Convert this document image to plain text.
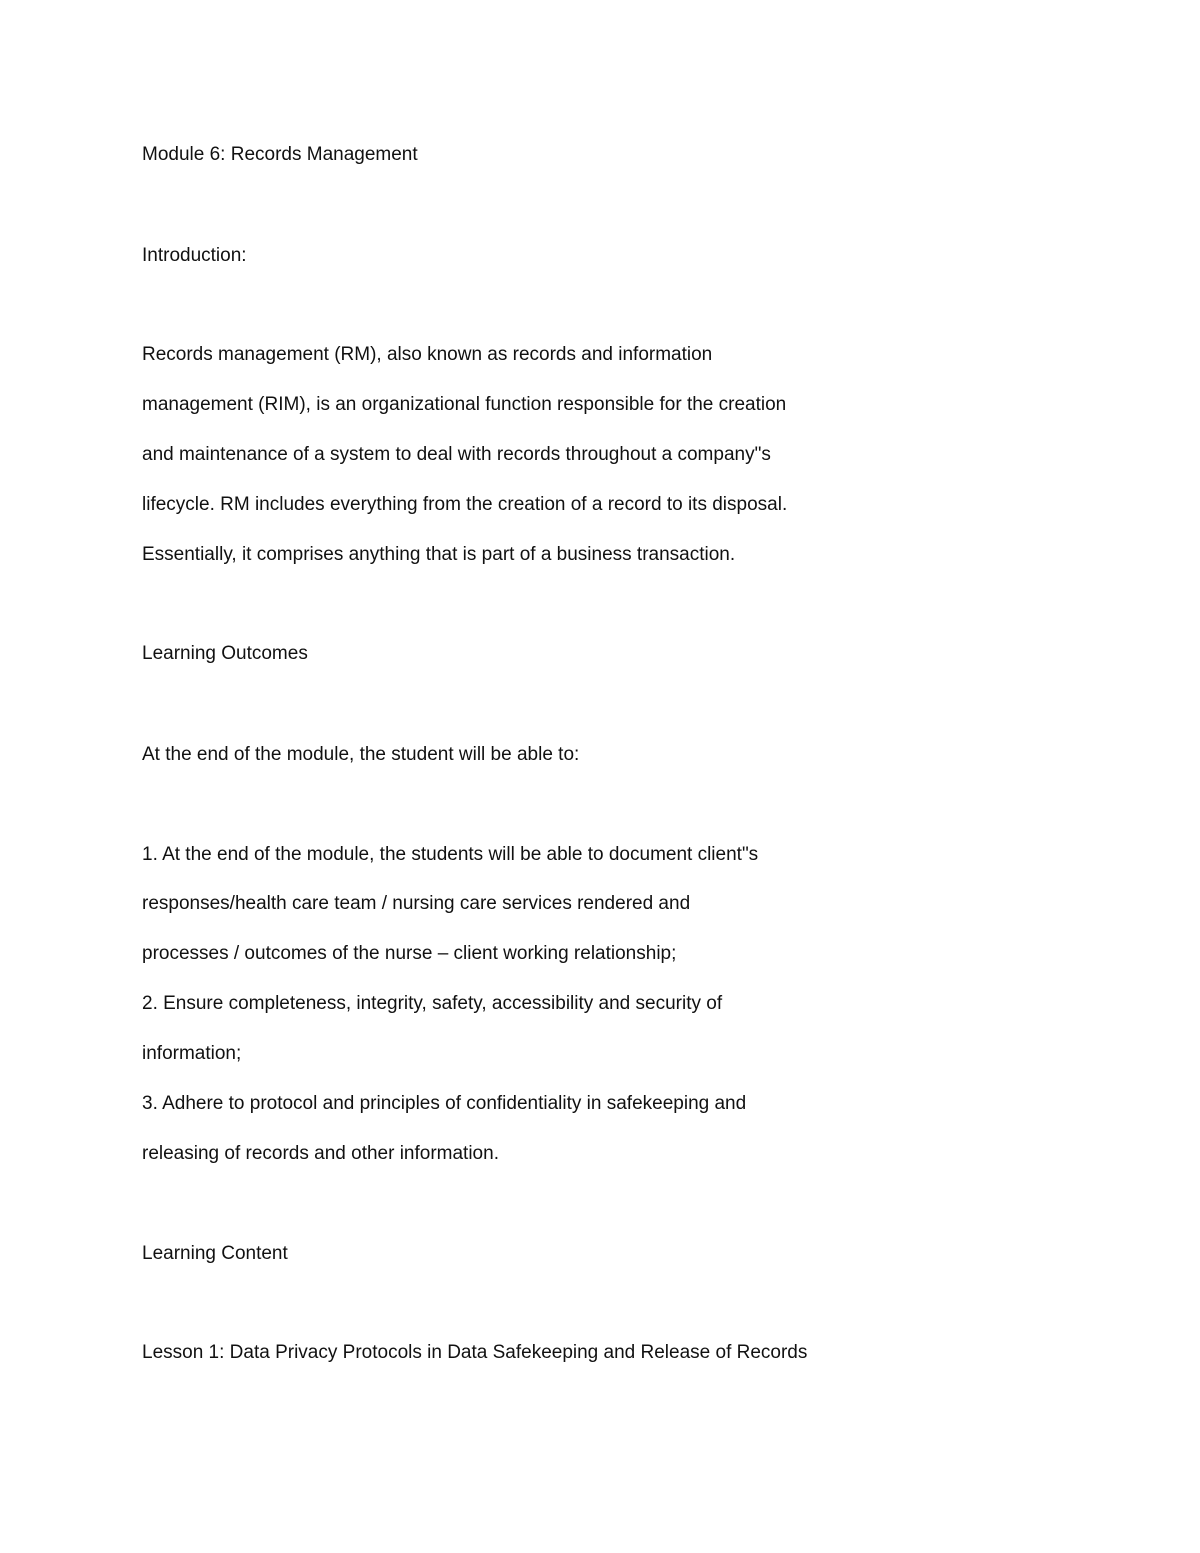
Module 6: Records Management
Introduction:
Records management (RM), also known as records and information
management (RIM), is an organizational function responsible for the creation
and maintenance of a system to deal with records throughout a company"s
lifecycle. RM includes everything from the creation of a record to its disposal.
Essentially, it comprises anything that is part of a business transaction.
Learning Outcomes
At the end of the module, the student will be able to:
1. At the end of the module, the students will be able to document client"s
responses/health care team / nursing care services rendered and
processes / outcomes of the nurse – client working relationship;
2. Ensure completeness, integrity, safety, accessibility and security of
information;
3. Adhere to protocol and principles of confidentiality in safekeeping and
releasing of records and other information.
Learning Content
Lesson 1: Data Privacy Protocols in Data Safekeeping and Release of Records
